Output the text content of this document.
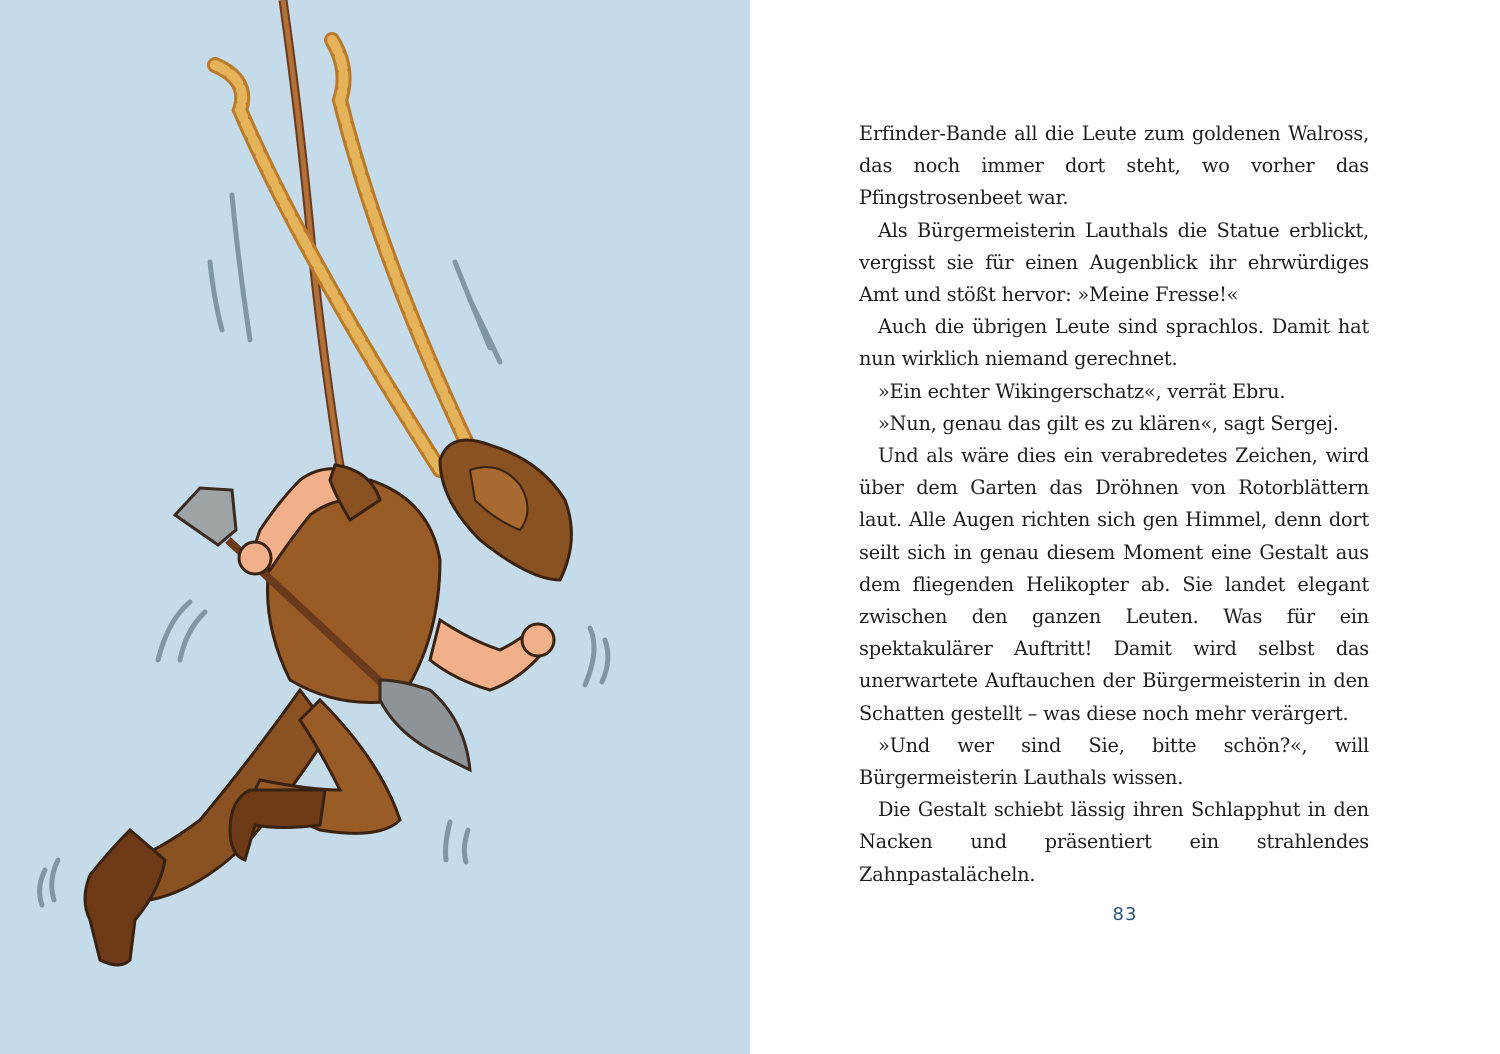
Erfinder-Bande all die Leute zum goldenen Walross, das noch immer dort steht, wo vorher das Pfingstrosenbeet war.

Als Bürgermeisterin Lauthals die Statue erblickt, vergisst sie für einen Augenblick ihr ehrwürdiges Amt und stößt hervor: »Meine Fresse!«

Auch die übrigen Leute sind sprachlos. Damit hat nun wirklich niemand gerechnet.

»Ein echter Wikingerschatz«, verrät Ebru.

»Nun, genau das gilt es zu klären«, sagt Sergej.

Und als wäre dies ein verabredetes Zeichen, wird über dem Garten das Dröhnen von Rotorblättern laut. Alle Augen richten sich gen Himmel, denn dort seilt sich in genau diesem Moment eine Gestalt aus dem fliegenden Helikopter ab. Sie landet elegant zwischen den ganzen Leuten. Was für ein spektakulärer Auftritt! Damit wird selbst das unerwartete Auftauchen der Bürgermeisterin in den Schatten gestellt – was diese noch mehr verärgert.

»Und wer sind Sie, bitte schön?«, will Bürgermeisterin Lauthals wissen.

Die Gestalt schiebt lässig ihren Schlapphut in den Nacken und präsentiert ein strahlendes Zahnpastalächeln.

83
